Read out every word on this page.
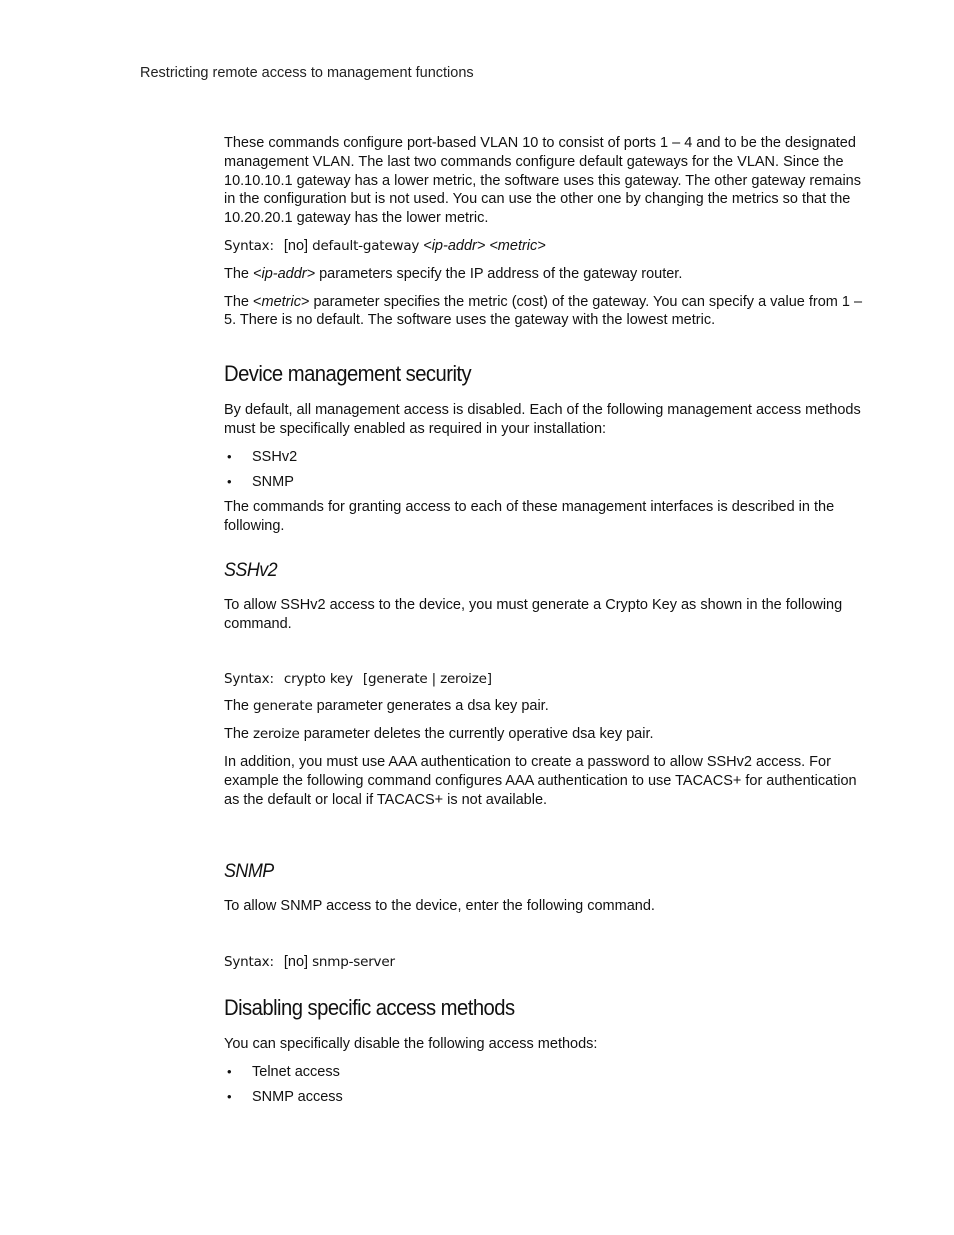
Restricting remote access to management functions

These commands configure port-based VLAN 10 to consist of ports 1 – 4 and to be the designated management VLAN. The last two commands configure default gateways for the VLAN. Since the 10.10.10.1 gateway has a lower metric, the software uses this gateway. The other gateway remains in the configuration but is not used. You can use the other one by changing the metrics so that the 10.20.20.1 gateway has the lower metric.

Syntax: [no] default-gateway <ip-addr> <metric>

The <ip-addr> parameters specify the IP address of the gateway router.

The <metric> parameter specifies the metric (cost) of the gateway. You can specify a value from 1 – 5. There is no default. The software uses the gateway with the lowest metric.

Device management security

By default, all management access is disabled. Each of the following management access methods must be specifically enabled as required in your installation:

• SSHv2
• SNMP

The commands for granting access to each of these management interfaces is described in the following.

SSHv2

To allow SSHv2 access to the device, you must generate a Crypto Key as shown in the following command.

Syntax: crypto key [generate | zeroize]

The generate parameter generates a dsa key pair.

The zeroize parameter deletes the currently operative dsa key pair.

In addition, you must use AAA authentication to create a password to allow SSHv2 access. For example the following command configures AAA authentication to use TACACS+ for authentication as the default or local if TACACS+ is not available.

SNMP

To allow SNMP access to the device, enter the following command.

Syntax: [no] snmp-server
Disabling specific access methods

You can specifically disable the following access methods:

• Telnet access
• SNMP access
